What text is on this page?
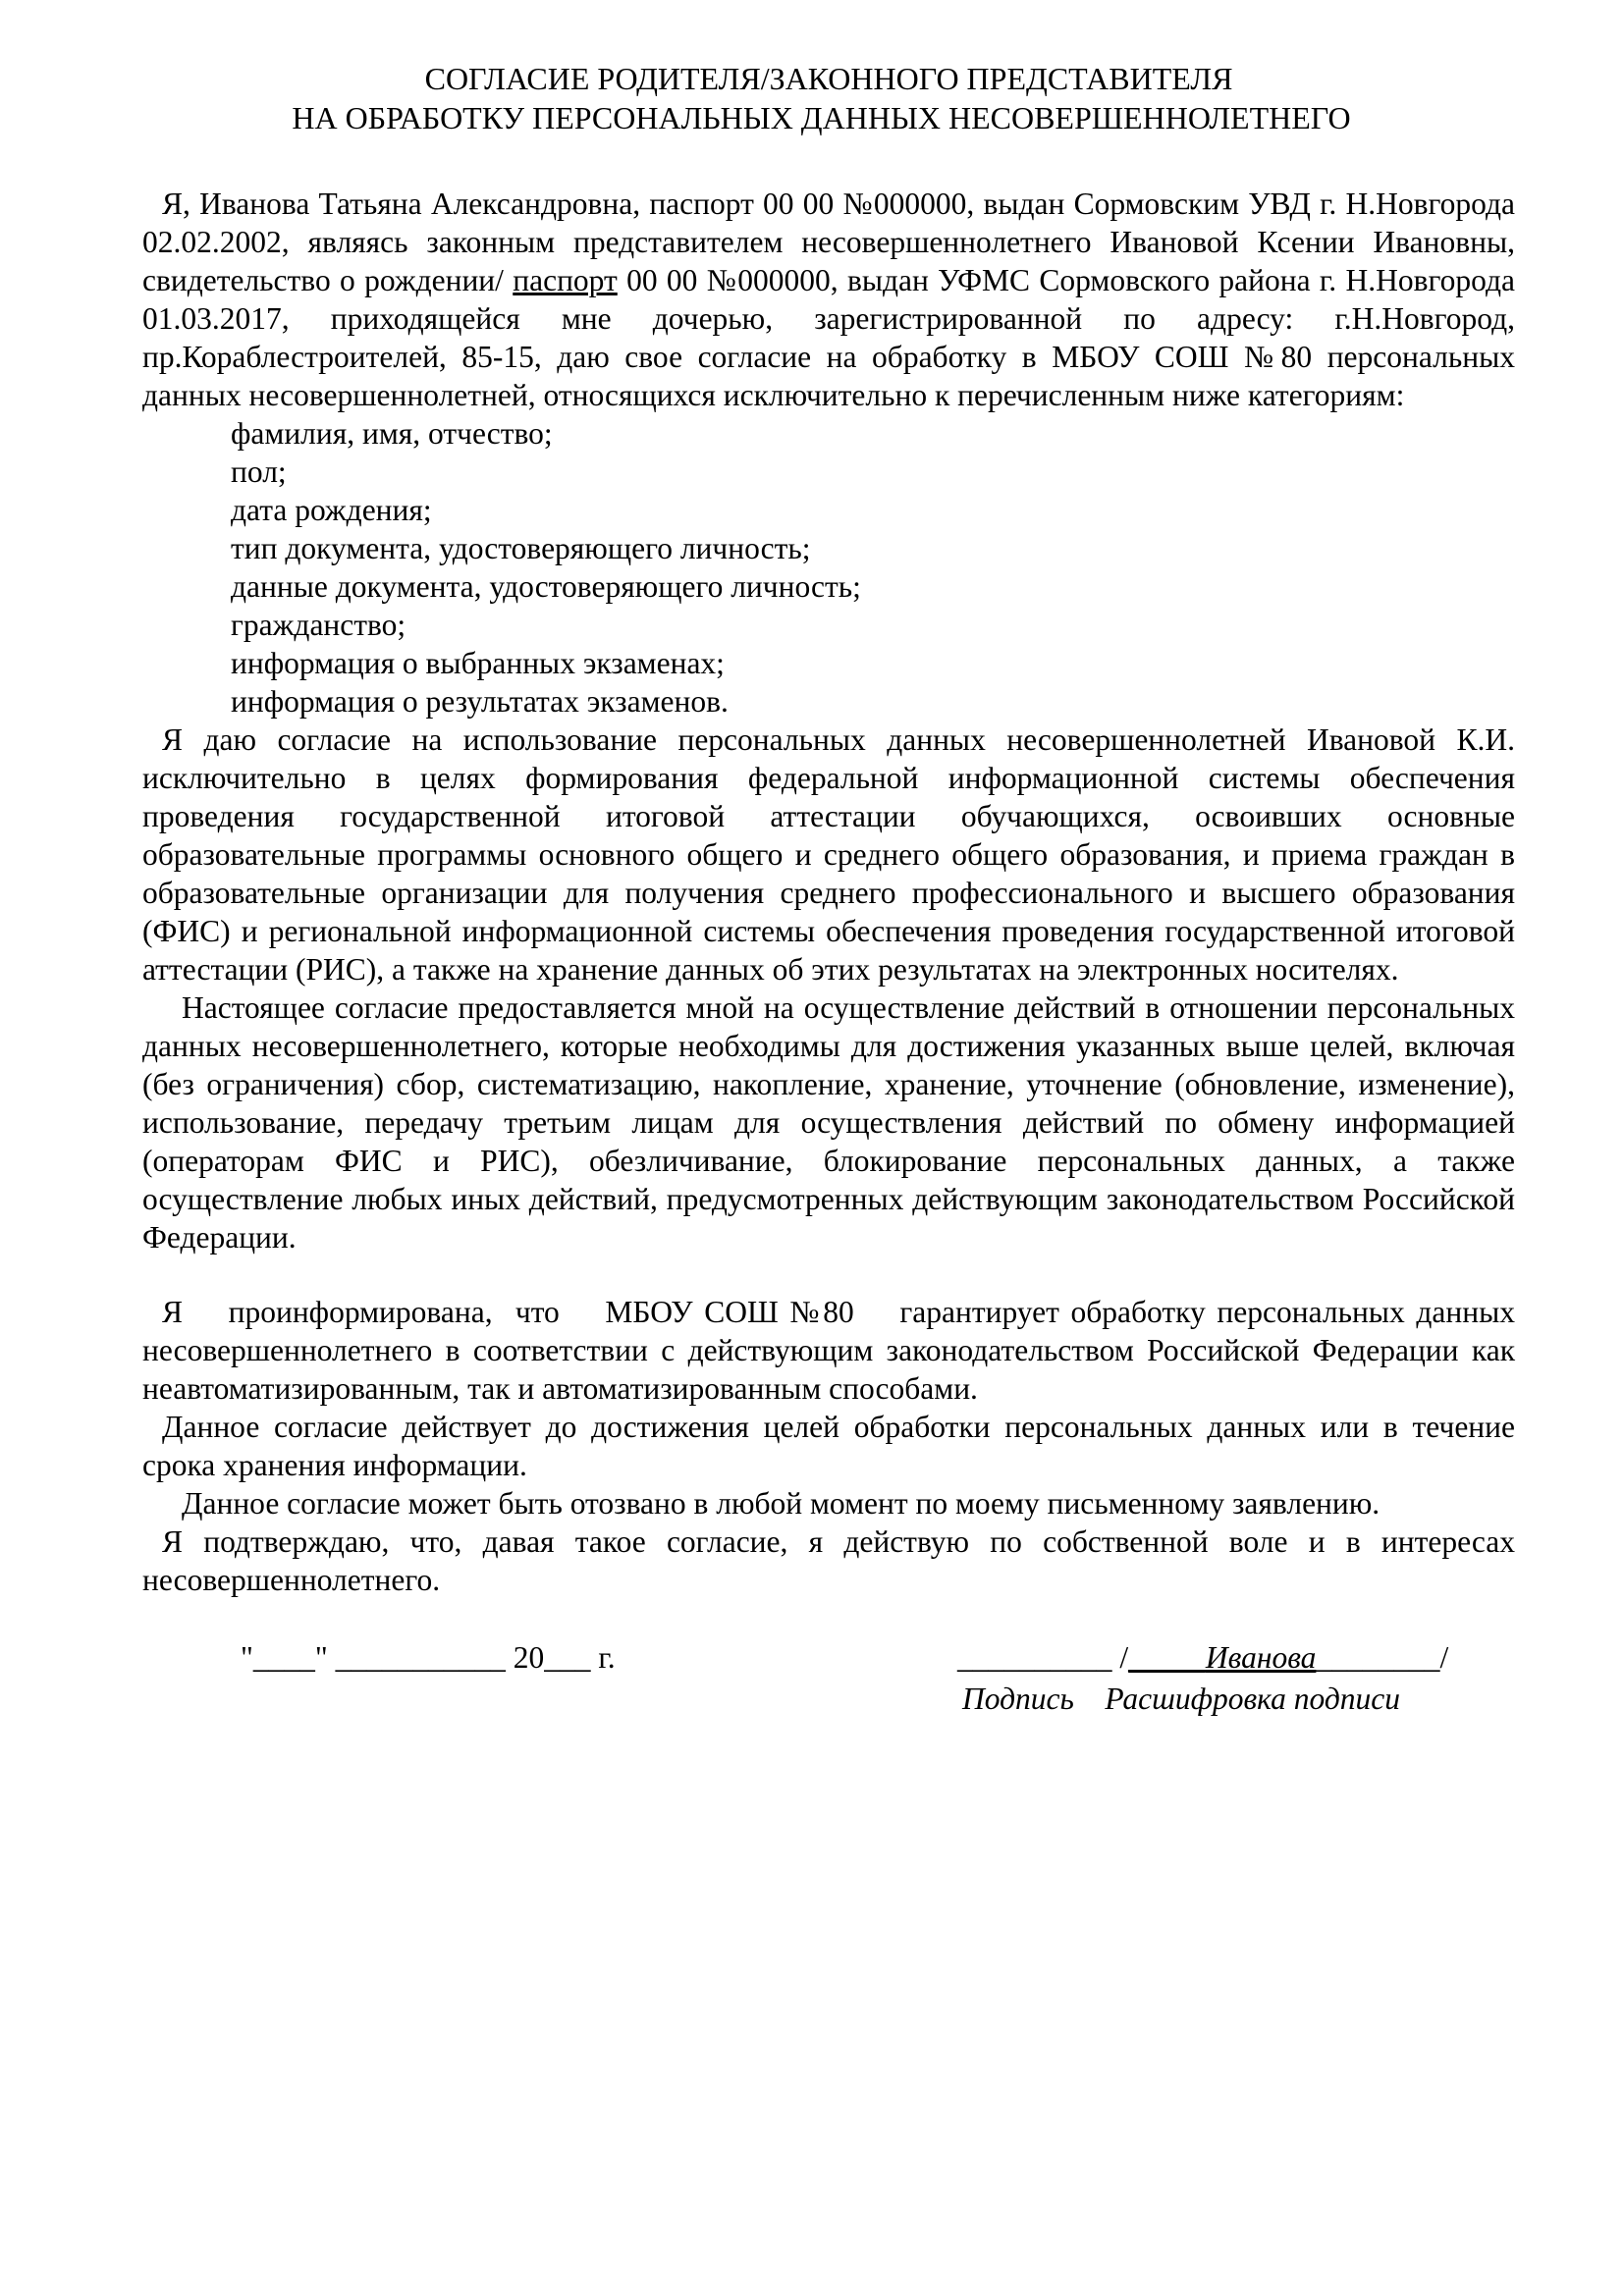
СОГЛАСИЕ РОДИТЕЛЯ/ЗАКОННОГО ПРЕДСТАВИТЕЛЯ
НА ОБРАБОТКУ ПЕРСОНАЛЬНЫХ ДАННЫХ НЕСОВЕРШЕННОЛЕТНЕГО

Я, Иванова Татьяна Александровна, паспорт 00 00 №000000, выдан Сормовским УВД г. Н.Новгорода 02.02.2002, являясь законным представителем несовершеннолетнего Ивановой Ксении Ивановны, свидетельство о рождении/ паспорт 00 00 №000000, выдан УФМС Сормовского района г. Н.Новгорода 01.03.2017, приходящейся мне дочерью, зарегистрированной по адресу: г.Н.Новгород, пр.Кораблестроителей, 85-15, даю свое согласие на обработку в МБОУ СОШ №80 персональных данных несовершеннолетней, относящихся исключительно к перечисленным ниже категориям:

фамилия, имя, отчество;
пол;
дата рождения;
тип документа, удостоверяющего личность;
данные документа, удостоверяющего личность;
гражданство;
информация о выбранных экзаменах;
информация о результатах экзаменов.

Я даю согласие на использование персональных данных несовершеннолетней Ивановой К.И. исключительно в целях формирования федеральной информационной системы обеспечения проведения государственной итоговой аттестации обучающихся, освоивших основные образовательные программы основного общего и среднего общего образования, и приема граждан в образовательные организации для получения среднего профессионального и высшего образования (ФИС) и региональной информационной системы обеспечения проведения государственной итоговой аттестации (РИС), а также на хранение данных об этих результатах на электронных носителях.

Настоящее согласие предоставляется мной на осуществление действий в отношении персональных данных несовершеннолетнего, которые необходимы для достижения указанных выше целей, включая (без ограничения) сбор, систематизацию, накопление, хранение, уточнение (обновление, изменение), использование, передачу третьим лицам для осуществления действий по обмену информацией (операторам ФИС и РИС), обезличивание, блокирование персональных данных, а также осуществление любых иных действий, предусмотренных действующим законодательством Российской Федерации.

Я    проинформирована,  что    МБОУ СОШ №80    гарантирует обработку персональных данных несовершеннолетнего в соответствии с действующим законодательством Российской Федерации как неавтоматизированным, так и автоматизированным способами.

Данное согласие действует до достижения целей обработки персональных данных или в течение срока хранения информации.

Данное согласие может быть отозвано в любой момент по моему письменному заявлению.

Я подтверждаю, что, давая такое согласие, я действую по собственной воле и в интересах несовершеннолетнего.

"____" ___________ 20___ г.	__________ /_____Иванова________/
Подпись    Расшифровка подписи
